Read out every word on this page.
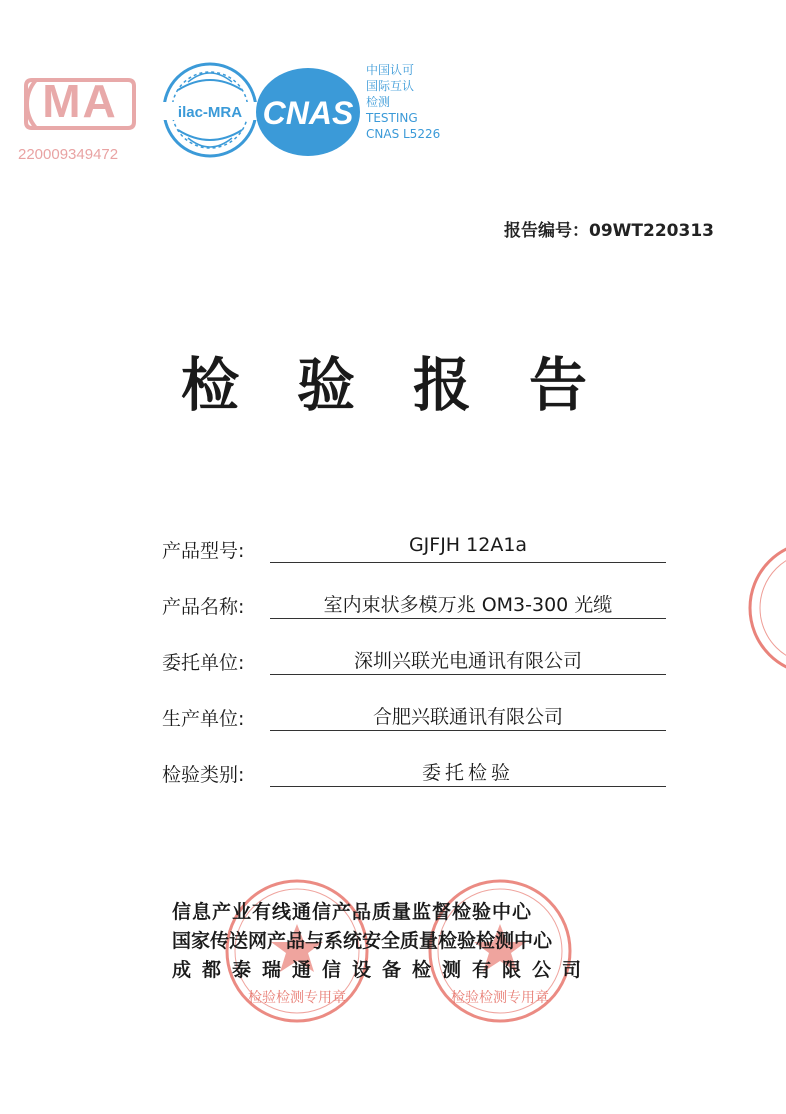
MA
220009349472
ilac-MRA CNAS
中国认可
国际互认
检测
TESTING
CNAS L5226
报告编号：09WT220313
检验报告
产品型号:	GJFJH 12A1a
产品名称:	室内束状多模万兆 OM3-300 光缆
委托单位:	深圳兴联光电通讯有限公司
生产单位:	合肥兴联通讯有限公司
检验类别:	委托检验
检验检测专用章	检验检测专用章
信息产业有线通信产品质量监督检验中心
国家传送网产品与系统安全质量检验检测中心
成都泰瑞通信设备检测有限公司
